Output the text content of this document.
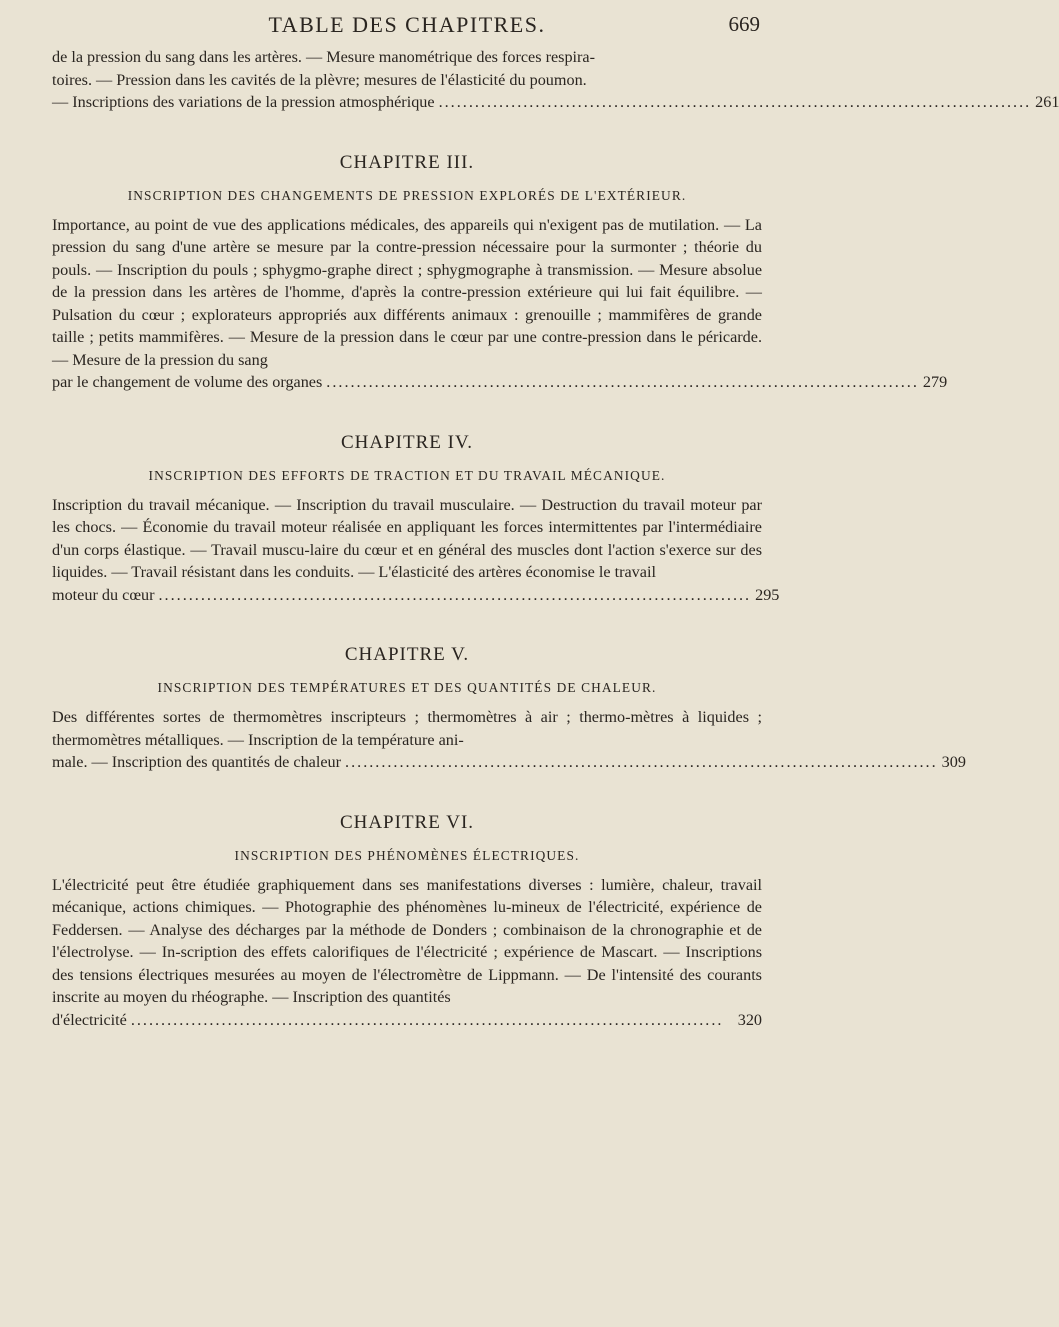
TABLE DES CHAPITRES.	669
de la pression du sang dans les artères. — Mesure manométrique des forces respira-
toires. — Pression dans les cavités de la plèvre; mesures de l'élasticité du poumon.
— Inscriptions des variations de la pression atmosphérique .................................................................................................. 261
CHAPITRE III.
INSCRIPTION DES CHANGEMENTS DE PRESSION EXPLORÉS DE L'EXTÉRIEUR.
Importance, au point de vue des applications médicales, des appareils qui n'exigent pas de mutilation. — La pression du sang d'une artère se mesure par la contre-pression nécessaire pour la surmonter ; théorie du pouls. — Inscription du pouls ; sphygmo-graphe direct ; sphygmographe à transmission. — Mesure absolue de la pression dans les artères de l'homme, d'après la contre-pression extérieure qui lui fait équilibre. — Pulsation du cœur ; explorateurs appropriés aux différents animaux : grenouille ; mammifères de grande taille ; petits mammifères. — Mesure de la pression dans le cœur par une contre-pression dans le péricarde. — Mesure de la pression du sang
par le changement de volume des organes .................................................................................................. 279
CHAPITRE IV.
INSCRIPTION DES EFFORTS DE TRACTION ET DU TRAVAIL MÉCANIQUE.
Inscription du travail mécanique. — Inscription du travail musculaire. — Destruction du travail moteur par les chocs. — Économie du travail moteur réalisée en appliquant les forces intermittentes par l'intermédiaire d'un corps élastique. — Travail muscu-laire du cœur et en général des muscles dont l'action s'exerce sur des liquides. — Travail résistant dans les conduits. — L'élasticité des artères économise le travail
moteur du cœur .................................................................................................. 295
CHAPITRE V.
INSCRIPTION DES TEMPÉRATURES ET DES QUANTITÉS DE CHALEUR.
Des différentes sortes de thermomètres inscripteurs ; thermomètres à air ; thermo-mètres à liquides ; thermomètres métalliques. — Inscription de la température ani-
male. — Inscription des quantités de chaleur .................................................................................................. 309
CHAPITRE VI.
INSCRIPTION DES PHÉNOMÈNES ÉLECTRIQUES.
L'électricité peut être étudiée graphiquement dans ses manifestations diverses : lumière, chaleur, travail mécanique, actions chimiques. — Photographie des phénomènes lu-mineux de l'électricité, expérience de Feddersen. — Analyse des décharges par la méthode de Donders ; combinaison de la chronographie et de l'électrolyse. — In-scription des effets calorifiques de l'électricité ; expérience de Mascart. — Inscriptions des tensions électriques mesurées au moyen de l'électromètre de Lippmann. — De l'intensité des courants inscrite au moyen du rhéographe. — Inscription des quantités
d'électricité .................................................................................................. 320
